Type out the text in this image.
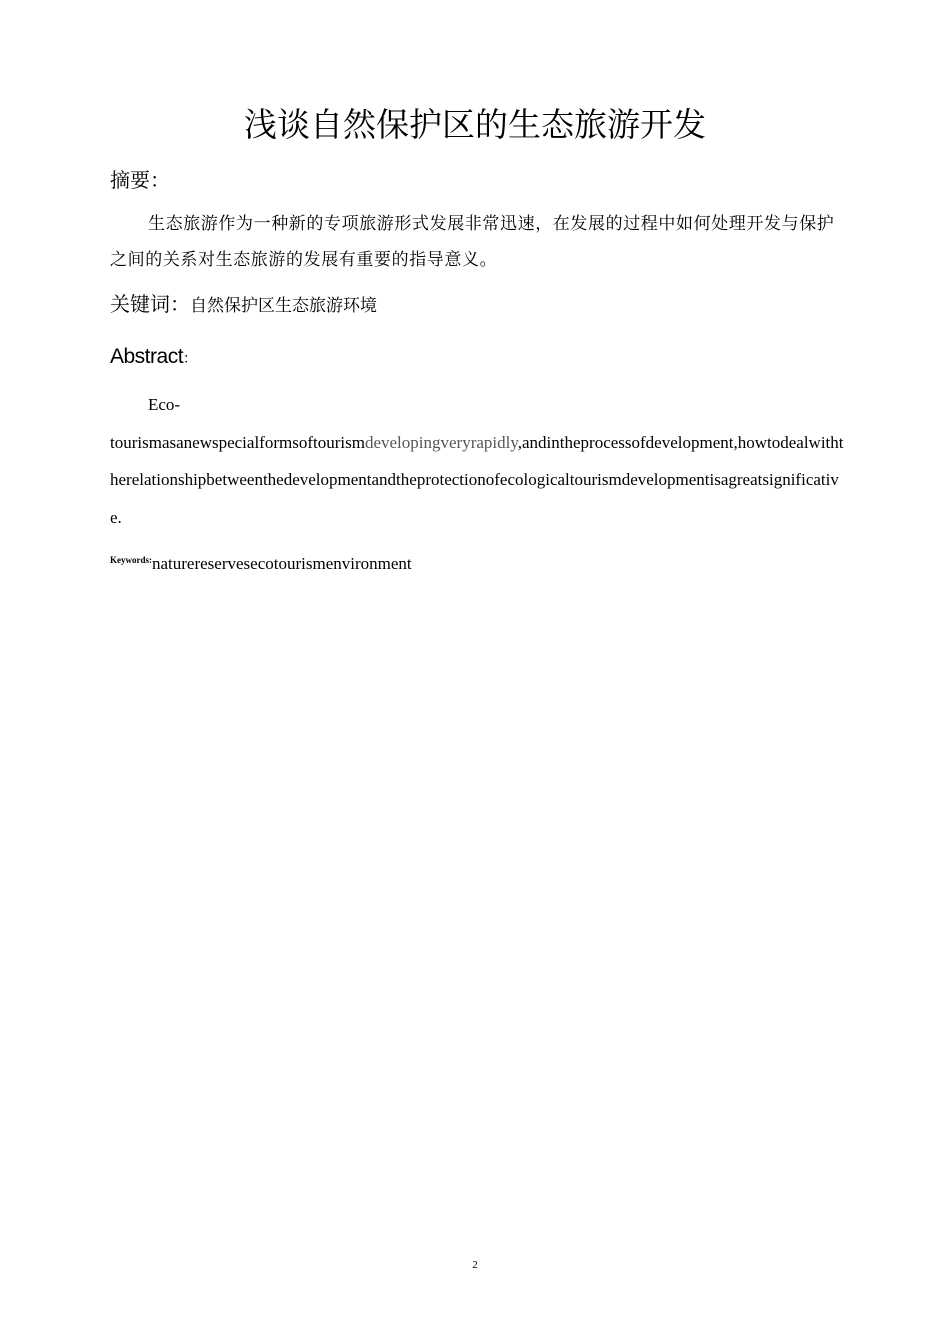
浅谈自然保护区的生态旅游开发
摘要：
生态旅游作为一种新的专项旅游形式发展非常迅速，在发展的过程中如何处理开发与保护之间的关系对生态旅游的发展有重要的指导意义。
关键词：自然保护区生态旅游环境
Abstract：
Eco-
tourismasanewspecialformsoftourismdevelopingveryrapidly,andintheprocessofdevelopment,howtodealwiththerelationshipbetweenthedevelopmentandtheprotectionofecologicaltourismdevelopmentisagreatsignificative.
$^{Keywords:}$naturereservesecotourismenvironment
2
